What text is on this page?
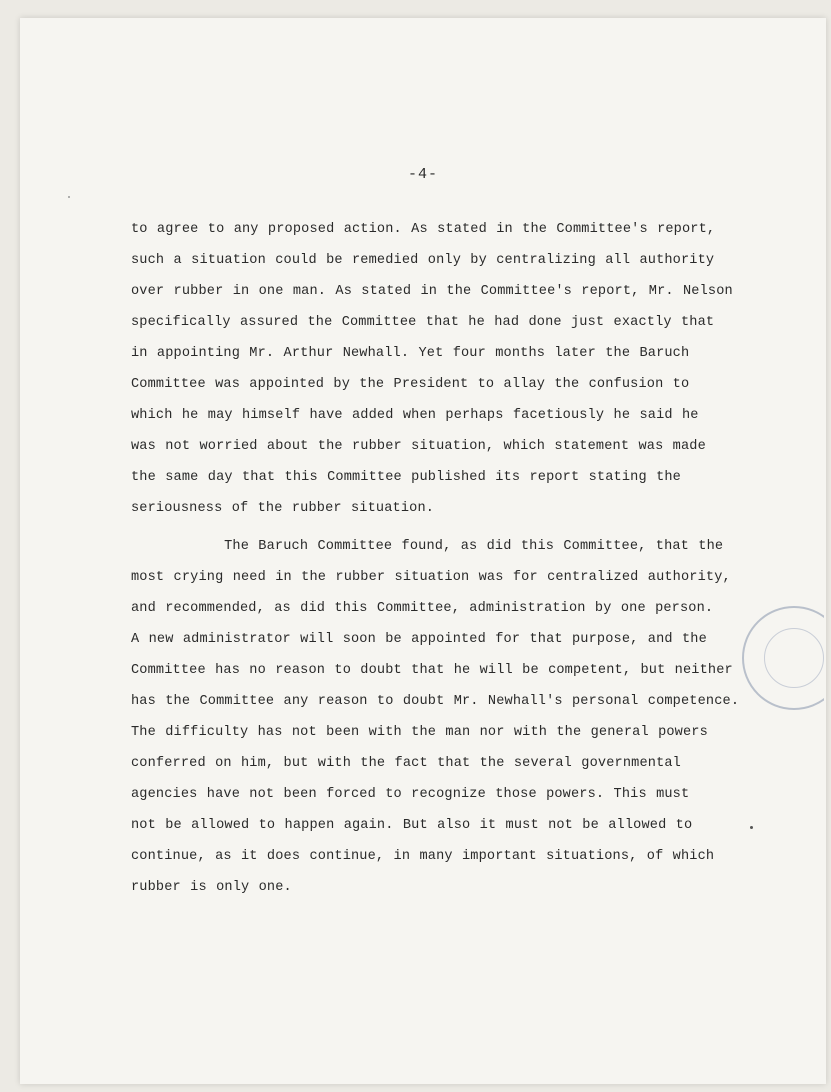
-4-
to agree to any proposed action. As stated in the Committee's report,
such a situation could be remedied only by centralizing all authority
over rubber in one man. As stated in the Committee's report, Mr. Nelson
specifically assured the Committee that he had done just exactly that
in appointing Mr. Arthur Newhall. Yet four months later the Baruch
Committee was appointed by the President to allay the confusion to
which he may himself have added when perhaps facetiously he said he
was not worried about the rubber situation, which statement was made
the same day that this Committee published its report stating the
seriousness of the rubber situation.
The Baruch Committee found, as did this Committee, that the
most crying need in the rubber situation was for centralized authority,
and recommended, as did this Committee, administration by one person.
A new administrator will soon be appointed for that purpose, and the
Committee has no reason to doubt that he will be competent, but neither
has the Committee any reason to doubt Mr. Newhall's personal competence.
The difficulty has not been with the man nor with the general powers
conferred on him, but with the fact that the several governmental
agencies have not been forced to recognize those powers. This must
not be allowed to happen again. But also it must not be allowed to
continue, as it does continue, in many important situations, of which
rubber is only one.
